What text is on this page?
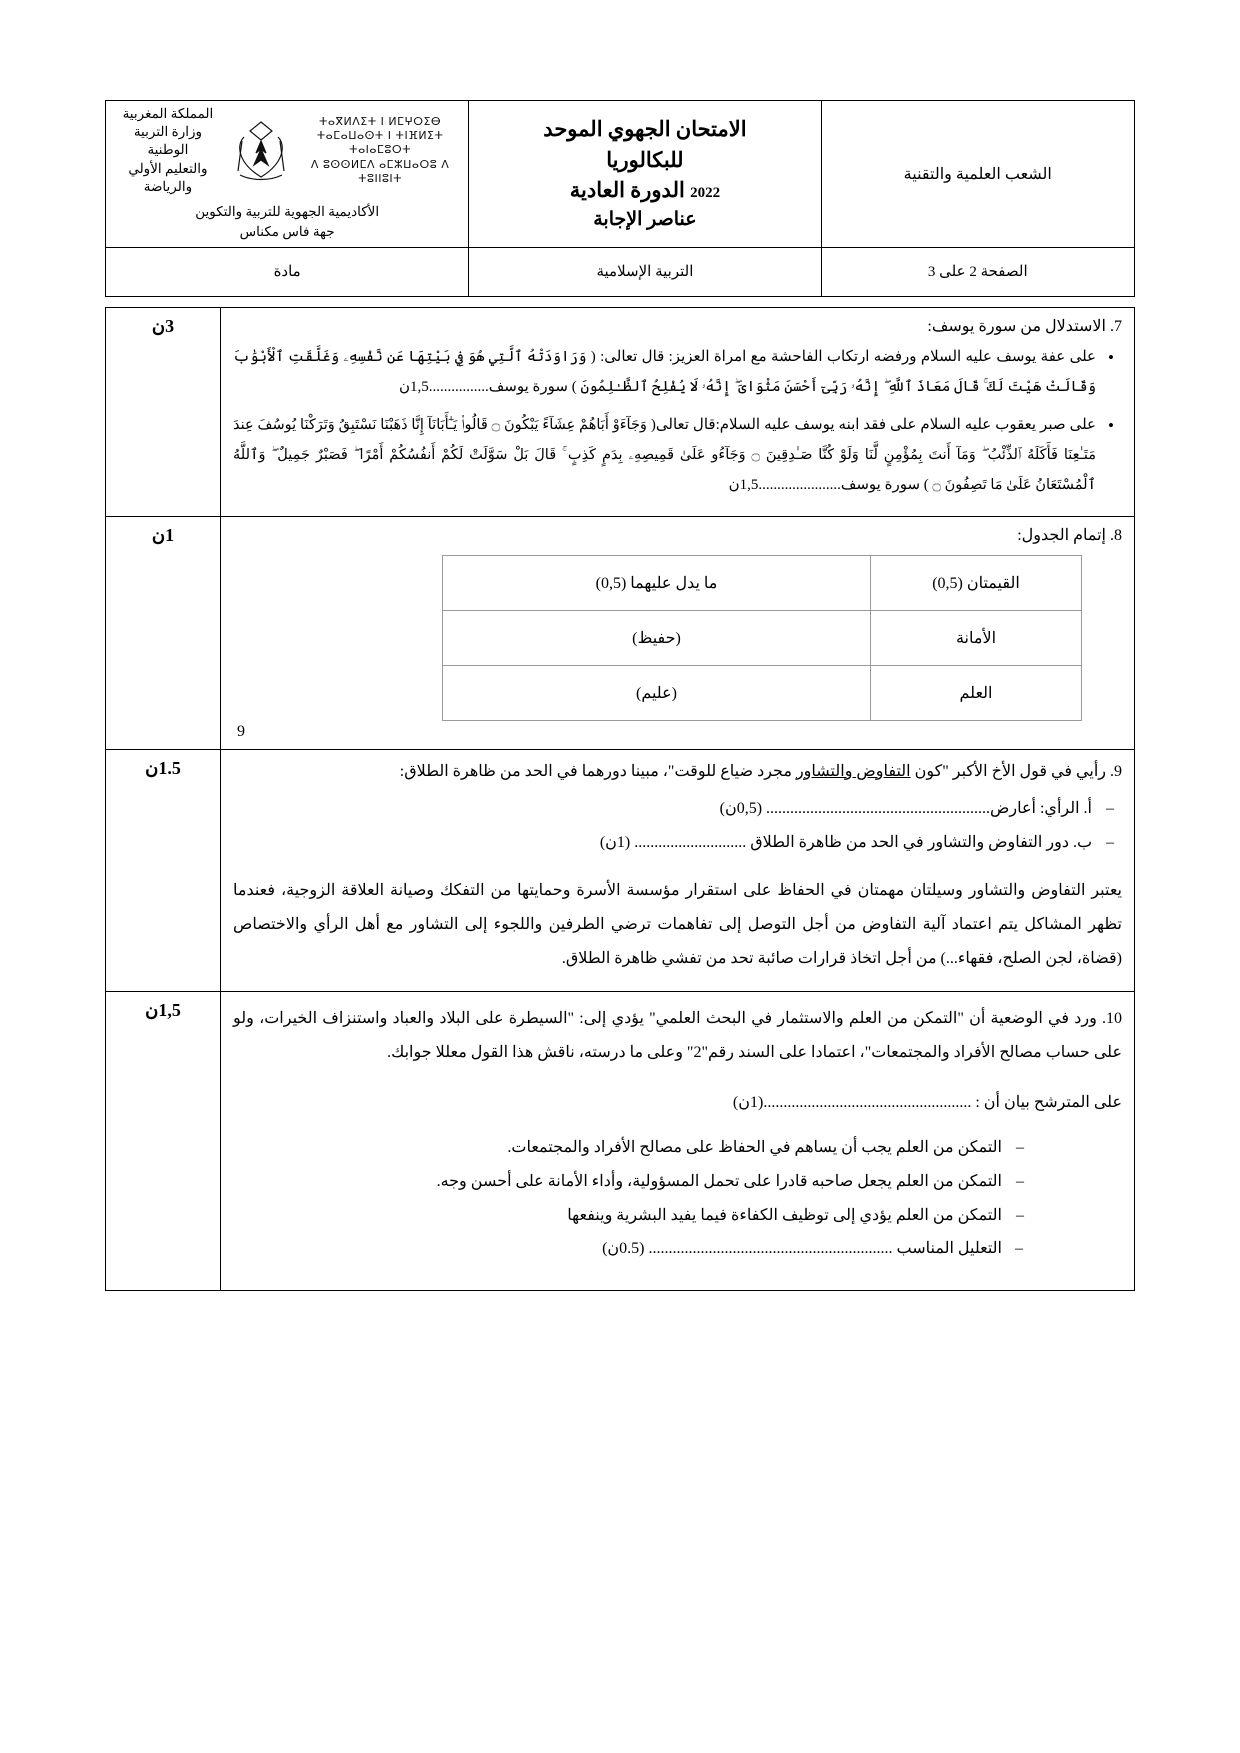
الشعب العلمية والتقنية

الامتحان الجهوي الموحد
للبكالوريا
2022 الدورة العادية
عناصر الإجابة

المملكة المغربية
وزارة التربية الوطنية
والتعليم الأولي والرياضة
ⵜⴰⴳⵍⴷⵉⵜ ⵏ ⵍⵎⵖⵔⵉⴱ
ⵜⴰⵎⴰⵡⴰⵙⵜ ⵏ ⵜⵏⴼⵍⵉⵜ ⵜⴰⵏⴰⵎⵓⵔⵜ
ⴷ ⵓⵙⵙⵍⵎⴷ ⴰⵎⵣⵡⴰⵔⵓ ⴷ ⵜⵓⵏⵏⵓⵏⵜ
الأكاديمية الجهوية للتربية والتكوين
جهة فاس مكناس

الصفحة 2 على 3	التربية الإسلامية	مادة
7. الاستدلال من سورة يوسف:
• على عفة يوسف عليه السلام ورفضه ارتكاب الفاحشة مع امراة العزيز: قال تعالى: ( وَرَاوَدَتْهُ ٱلَّتِي هُوَ فِي بَيْتِهَا عَن نَّفْسِهِۦ وَغَلَّقَتِ ٱلْأَبْوَٰبَ وَقَالَتْ هَيْتَ لَكَ ۚ قَالَ مَعَاذَ ٱللَّهِ ۖ إِنَّهُۥ رَبِّىٓ أَحْسَنَ مَثْوَاىَ ۖ إِنَّهُۥ لَا يُفْلِحُ ٱلظَّـٰلِمُونَ ) سورة يوسف................1,5ن
• على صبر يعقوب عليه السلام على فقد ابنه يوسف عليه السلام:قال تعالى( وَجَآءَوْ أَبَاهُمْ عِشَآءً يَبْكُونَ ۝ قَالُوا۟ يَـٰٓأَبَانَآ إِنَّا ذَهَبْنَا نَسْتَبِقُ وَتَرَكْنَا يُوسُفَ عِندَ مَتَـٰعِنَا فَأَكَلَهُ ٱلذِّئْبُ ۖ وَمَآ أَنتَ بِمُؤْمِنٍ لَّنَا وَلَوْ كُنَّا صَـٰدِقِينَ ۝ وَجَآءُو عَلَىٰ قَمِيصِهِۦ بِدَمٍ كَذِبٍ ۚ قَالَ بَلْ سَوَّلَتْ لَكُمْ أَنفُسُكُمْ أَمْرًا ۖ فَصَبْرٌ جَمِيلٌ ۖ وَٱللَّهُ ٱلْمُسْتَعَانُ عَلَىٰ مَا تَصِفُونَ ۝ ) سورة يوسف......................1,5ن
	3ن

8. إتمام الجدول:
القيمتان (0,5)	ما يدل عليهما (0,5)
الأمانة	(حفيظ)
العلم	(عليم)
9
	1ن

9. رأيي في قول الأخ الأكبر "كون التفاوض والتشاور مجرد ضياع للوقت"، مبينا دورهما في الحد من ظاهرة الطلاق:
– أ. الرأي: أعارض........................................................ (0,5ن)
– ب. دور التفاوض والتشاور في الحد من ظاهرة الطلاق ............................ (1ن)
يعتبر التفاوض والتشاور وسيلتان مهمتان في الحفاظ على استقرار مؤسسة الأسرة وحمايتها من التفكك وصيانة العلاقة الزوجية، فعندما تظهر المشاكل يتم اعتماد آلية التفاوض من أجل التوصل إلى تفاهمات ترضي الطرفين واللجوء إلى التشاور مع أهل الرأي والاختصاص (قضاة، لجن الصلح، فقهاء...) من أجل اتخاذ قرارات صائبة تحد من تفشي ظاهرة الطلاق.
	1.5ن

10. ورد في الوضعية أن "التمكن من العلم والاستثمار في البحث العلمي" يؤدي إلى: "السيطرة على البلاد والعباد واستنزاف الخيرات، ولو على حساب مصالح الأفراد والمجتمعات"، اعتمادا على السند رقم"2" وعلى ما درسته، ناقش هذا القول معللا جوابك.
على المترشح بيان أن : ....................................................(1ن)
– التمكن من العلم يجب أن يساهم في الحفاظ على مصالح الأفراد والمجتمعات.
– التمكن من العلم يجعل صاحبه قادرا على تحمل المسؤولية، وأداء الأمانة على أحسن وجه.
– التمكن من العلم يؤدي إلى توظيف الكفاءة فيما يفيد البشرية وينفعها
– التعليل المناسب ............................................................. (0.5ن)
	1,5ن
